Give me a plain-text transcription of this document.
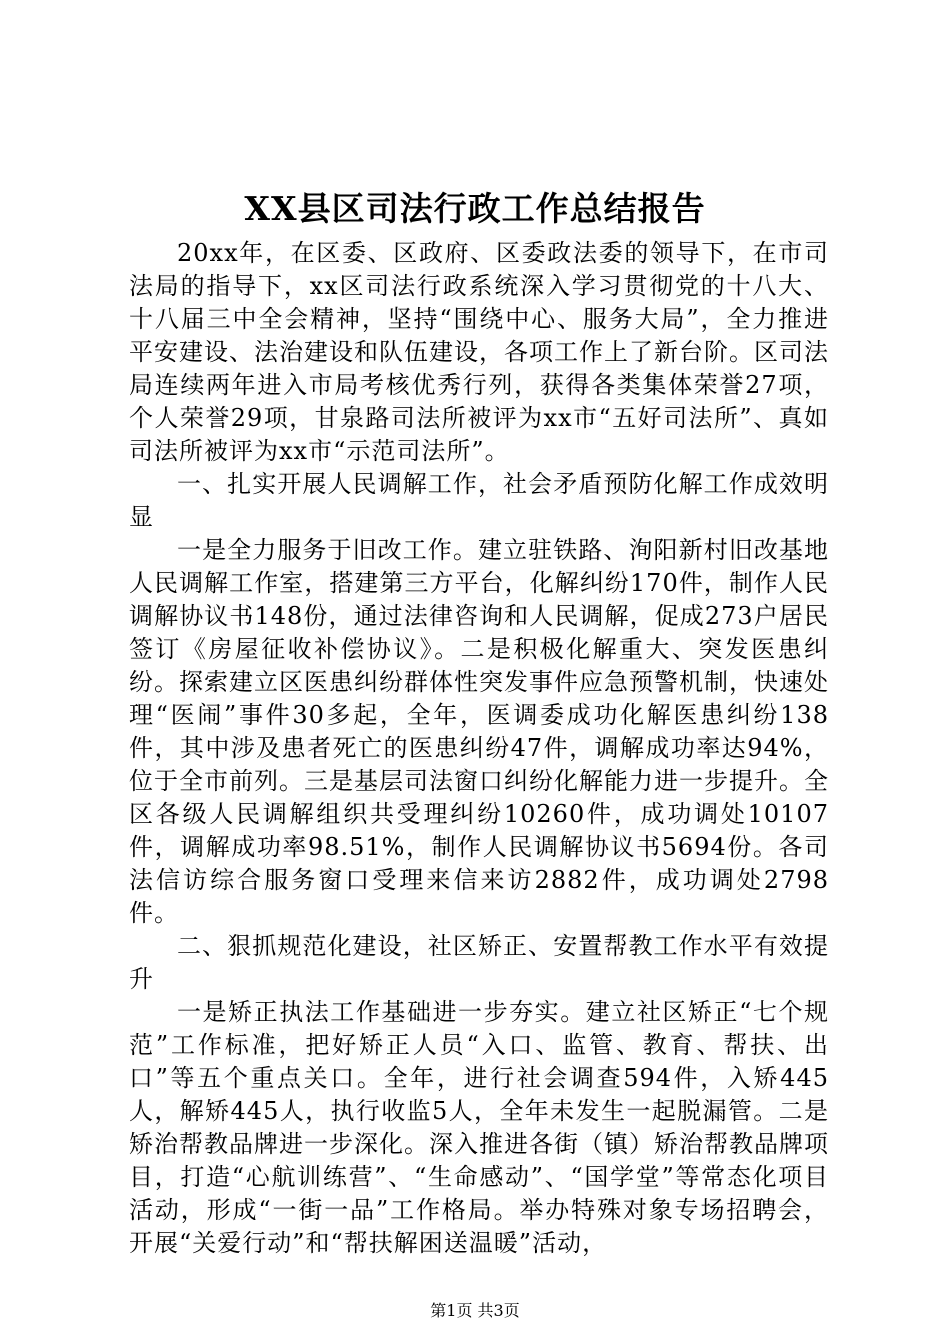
XX县区司法行政工作总结报告

20xx年，在区委、区政府、区委政法委的领导下，在市司法局的指导下，xx区司法行政系统深入学习贯彻党的十八大、十八届三中全会精神，坚持“围绕中心、服务大局”，全力推进平安建设、法治建设和队伍建设，各项工作上了新台阶。区司法局连续两年进入市局考核优秀行列，获得各类集体荣誉27项，个人荣誉29项，甘泉路司法所被评为xx市“五好司法所”、真如司法所被评为xx市“示范司法所”。

一、扎实开展人民调解工作，社会矛盾预防化解工作成效明显

一是全力服务于旧改工作。建立驻铁路、洵阳新村旧改基地人民调解工作室，搭建第三方平台，化解纠纷170件，制作人民调解协议书148份，通过法律咨询和人民调解，促成273户居民签订《房屋征收补偿协议》。二是积极化解重大、突发医患纠纷。探索建立区医患纠纷群体性突发事件应急预警机制，快速处理“医闹”事件30多起，全年，医调委成功化解医患纠纷138件，其中涉及患者死亡的医患纠纷47件，调解成功率达94%，位于全市前列。三是基层司法窗口纠纷化解能力进一步提升。全区各级人民调解组织共受理纠纷10260件，成功调处10107件，调解成功率98.51%，制作人民调解协议书5694份。各司法信访综合服务窗口受理来信来访2882件，成功调处2798件。

二、狠抓规范化建设，社区矫正、安置帮教工作水平有效提升

一是矫正执法工作基础进一步夯实。建立社区矫正“七个规范”工作标准，把好矫正人员“入口、监管、教育、帮扶、出口”等五个重点关口。全年，进行社会调查594件，入矫445人，解矫445人，执行收监5人，全年未发生一起脱漏管。二是矫治帮教品牌进一步深化。深入推进各街（镇）矫治帮教品牌项目，打造“心航训练营”、“生命感动”、“国学堂”等常态化项目活动，形成“一街一品”工作格局。举办特殊对象专场招聘会，开展“关爱行动”和“帮扶解困送温暖”活动，

第1页 共3页
